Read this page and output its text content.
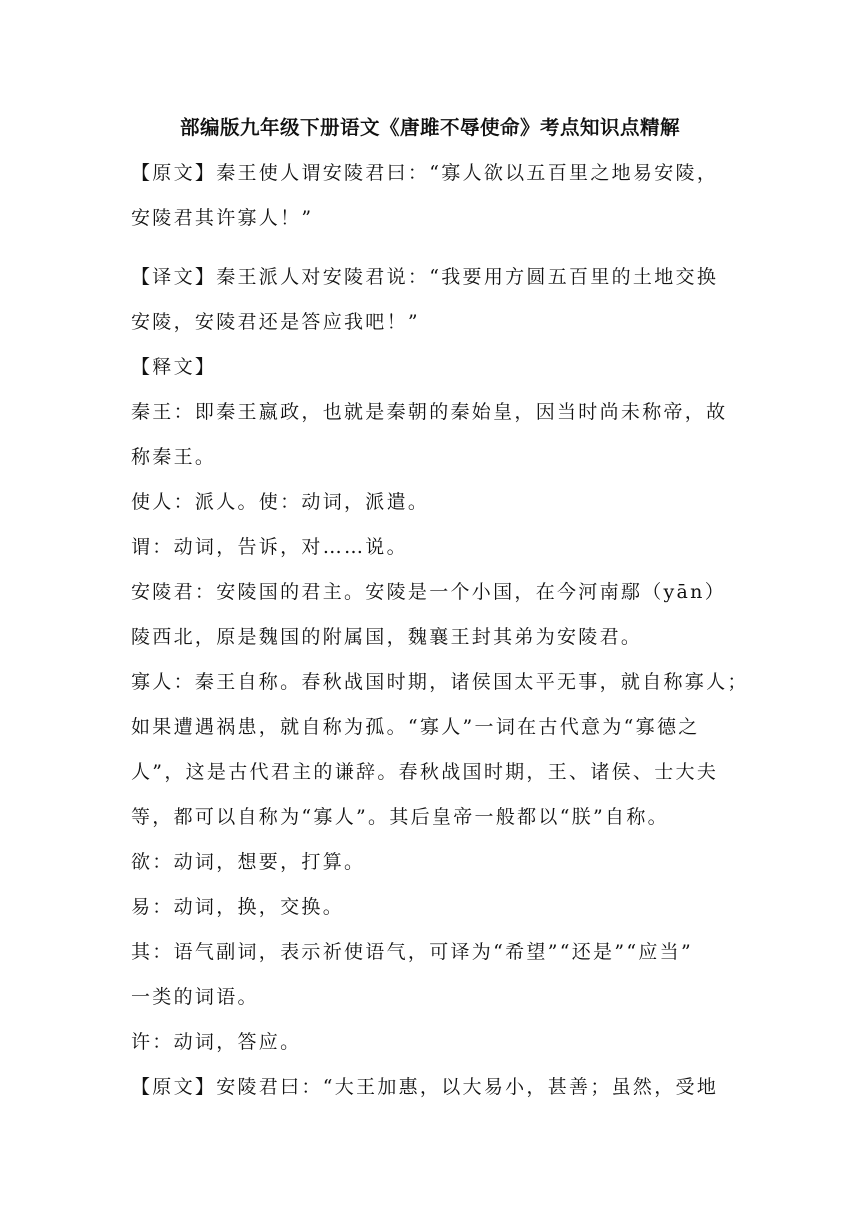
部编版九年级下册语文《唐雎不辱使命》考点知识点精解
【原文】秦王使人谓安陵君曰：“寡人欲以五百里之地易安陵，
安陵君其许寡人！”
【译文】秦王派人对安陵君说：“我要用方圆五百里的土地交换
安陵，安陵君还是答应我吧！”
【释文】
秦王：即秦王嬴政，也就是秦朝的秦始皇，因当时尚未称帝，故
称秦王。
使人：派人。使：动词，派遣。
谓：动词，告诉，对……说。
安陵君：安陵国的君主。安陵是一个小国，在今河南鄢（yān）
陵西北，原是魏国的附属国，魏襄王封其弟为安陵君。
寡人：秦王自称。春秋战国时期，诸侯国太平无事，就自称寡人；
如果遭遇祸患，就自称为孤。“寡人”一词在古代意为“寡德之
人”，这是古代君主的谦辞。春秋战国时期，王、诸侯、士大夫
等，都可以自称为“寡人”。其后皇帝一般都以“朕”自称。
欲：动词，想要，打算。
易：动词，换，交换。
其：语气副词，表示祈使语气，可译为“希望”“还是”“应当”
一类的词语。
许：动词，答应。
【原文】安陵君曰：“大王加惠，以大易小，甚善；虽然，受地
